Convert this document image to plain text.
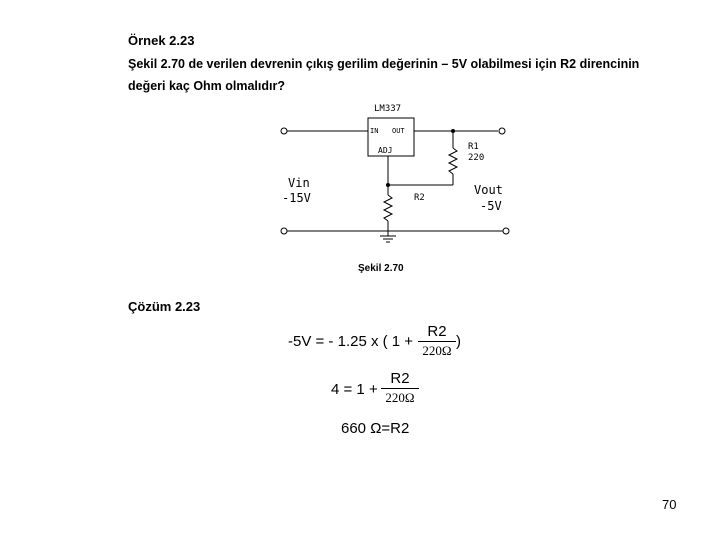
Örnek 2.23
Şekil 2.70 de verilen devrenin çıkış gerilim değerinin – 5V olabilmesi için R2 direncinin
değeri kaç Ohm olmalıdır?
LM337
IN OUT
ADJ	R1
220
R2
Vin
-15V
Vout
-5V
Şekil 2.70
Çözüm 2.23
-5V = - 1.25 x ( 1 +
R2
220Ω
)
4 = 1 +
R2
220Ω
660 Ω=R2
70
